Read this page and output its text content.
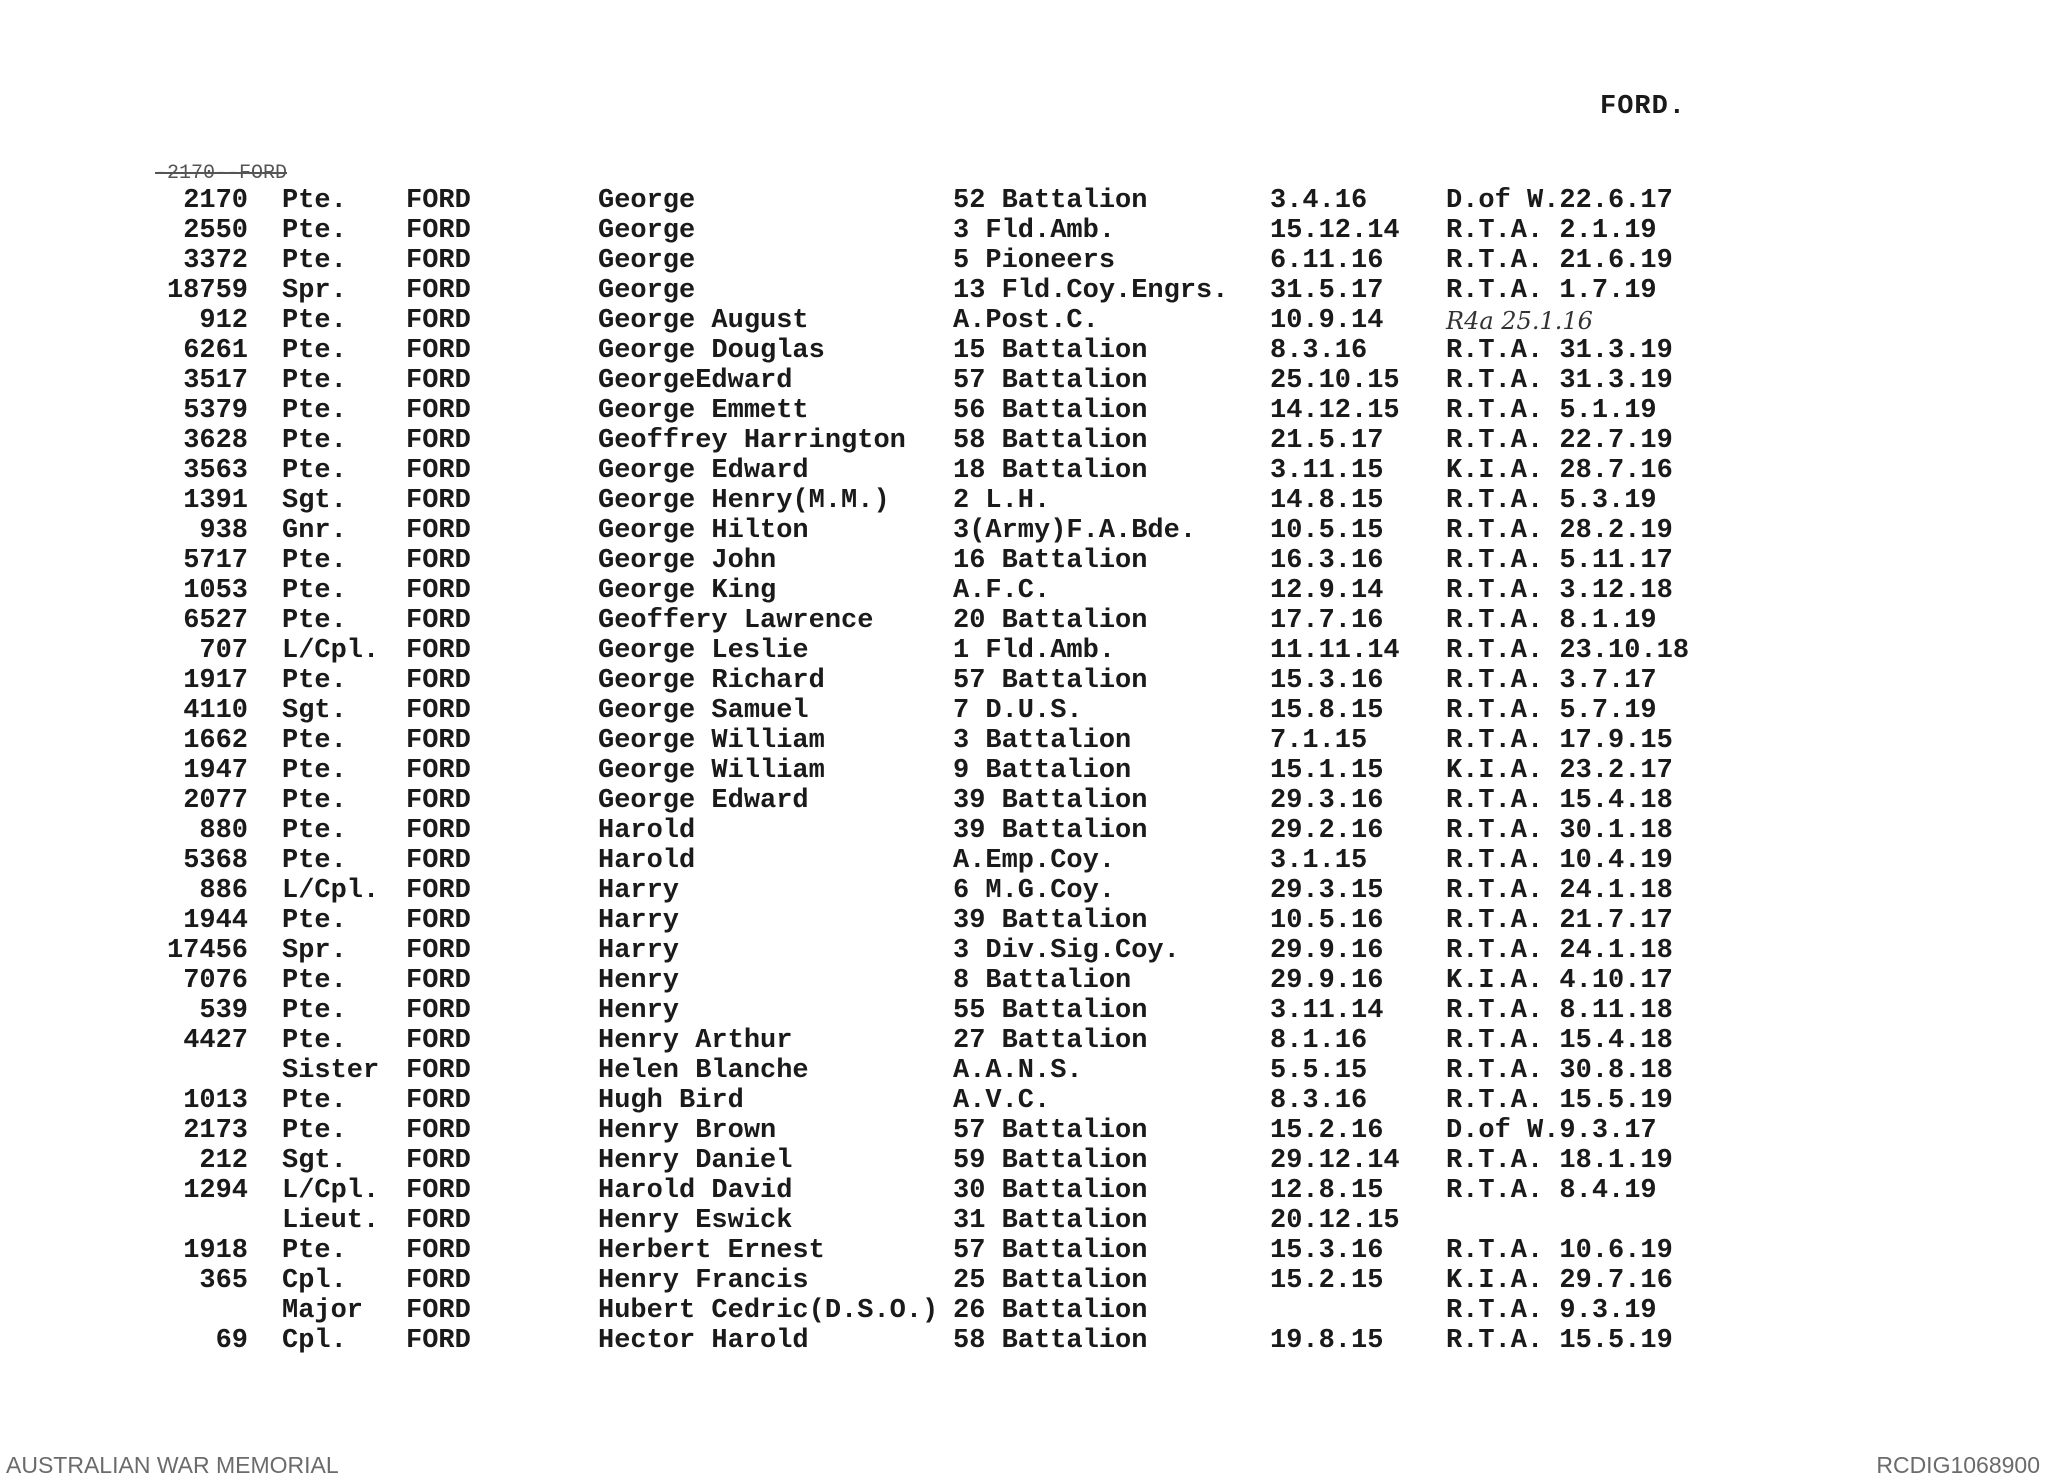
FORD.
-2170--FORD
2170 Pte. FORD	George	52 Battalion	3.4.16	D.of W.22.6.17
2550 Pte. FORD	George	3 Fld.Amb.	15.12.14 R.T.A. 2.1.19
3372 Pte. FORD	George	5 Pioneers	6.11.16 R.T.A. 21.6.19
18759 Spr. FORD	George	13 Fld.Coy.Engrs. 31.5.17 R.T.A. 1.7.19
912 Pte. FORD	George August	A.Post.C.	10.9.14	R4a 25.1.16
6261 Pte. FORD	George Douglas	15 Battalion	8.3.16	R.T.A. 31.3.19
3517 Pte. FORD	GeorgeEdward	57 Battalion	25.10.15 R.T.A. 31.3.19
5379 Pte. FORD	George Emmett	56 Battalion	14.12.15 R.T.A. 5.1.19
3628 Pte. FORD	Geoffrey Harrington 58 Battalion	21.5.17 R.T.A. 22.7.19
3563 Pte. FORD	George Edward	18 Battalion	3.11.15 K.I.A. 28.7.16
1391 Sgt. FORD	George Henry(M.M.) 2 L.H.	14.8.15 R.T.A. 5.3.19
938 Gnr. FORD	George Hilton	3(Army)F.A.Bde.	10.5.15 R.T.A. 28.2.19
5717 Pte. FORD	George John	16 Battalion	16.3.16 R.T.A. 5.11.17
1053 Pte. FORD	George King	A.F.C.	12.9.14 R.T.A. 3.12.18
6527 Pte. FORD	Geoffery Lawrence	20 Battalion	17.7.16 R.T.A. 8.1.19
707 L/Cpl. FORD	George Leslie	1 Fld.Amb.	11.11.14 R.T.A. 23.10.18
1917 Pte. FORD	George Richard	57 Battalion	15.3.16 R.T.A. 3.7.17
4110 Sgt. FORD	George Samuel	7 D.U.S.	15.8.15 R.T.A. 5.7.19
1662 Pte. FORD	George William	3 Battalion	7.1.15	R.T.A. 17.9.15
1947 Pte. FORD	George William	9 Battalion	15.1.15 K.I.A. 23.2.17
2077 Pte. FORD	George Edward	39 Battalion	29.3.16 R.T.A. 15.4.18
880 Pte. FORD	Harold	39 Battalion	29.2.16 R.T.A. 30.1.18
5368 Pte. FORD	Harold	A.Emp.Coy.	3.1.15	R.T.A. 10.4.19
886 L/Cpl. FORD	Harry	6 M.G.Coy.	29.3.15 R.T.A. 24.1.18
1944 Pte. FORD	Harry	39 Battalion	10.5.16 R.T.A. 21.7.17
17456 Spr. FORD	Harry	3 Div.Sig.Coy.	29.9.16 R.T.A. 24.1.18
7076 Pte. FORD	Henry	8 Battalion	29.9.16 K.I.A. 4.10.17
539 Pte. FORD	Henry	55 Battalion	3.11.14 R.T.A. 8.11.18
4427 Pte. FORD	Henry Arthur	27 Battalion	8.1.16	R.T.A. 15.4.18
Sister FORD	Helen Blanche	A.A.N.S.	5.5.15	R.T.A. 30.8.18
1013 Pte. FORD	Hugh Bird	A.V.C.	8.3.16	R.T.A. 15.5.19
2173 Pte. FORD	Henry Brown	57 Battalion	15.2.16 D.of W.9.3.17
212 Sgt. FORD	Henry Daniel	59 Battalion	29.12.14 R.T.A. 18.1.19
1294 L/Cpl. FORD	Harold David	30 Battalion	12.8.15 R.T.A. 8.4.19
Lieut. FORD	Henry Eswick	31 Battalion	20.12.15
1918 Pte. FORD	Herbert Ernest	57 Battalion	15.3.16 R.T.A. 10.6.19
365 Cpl. FORD	Henry Francis	25 Battalion	15.2.15 K.I.A. 29.7.16
Major FORD	Hubert Cedric(D.S.O.) 26 Battalion	R.T.A. 9.3.19
69 Cpl. FORD	Hector Harold	58 Battalion	19.8.15 R.T.A. 15.5.19
AUSTRALIAN WAR MEMORIAL	RCDIG1068900
